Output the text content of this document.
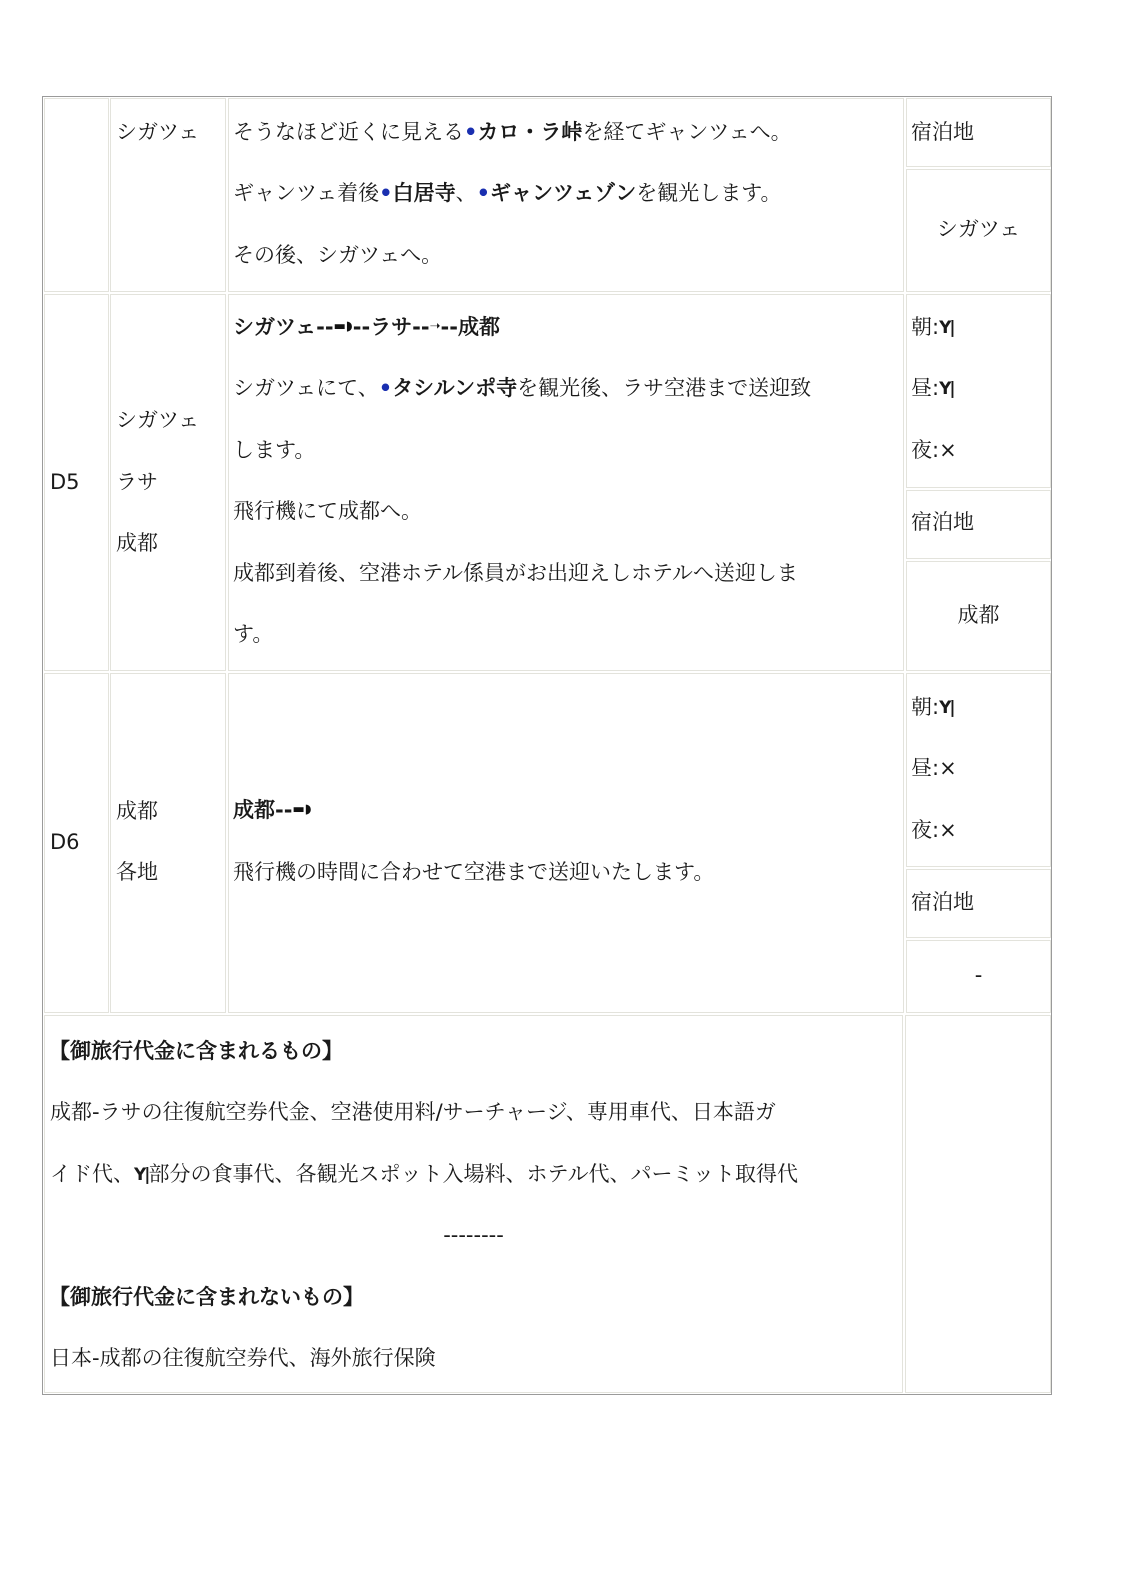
シガツェ そうなほど近くに見える•カロ・ラ峠を経てギャンツェへ。
ギャンツェ着後•白居寺、•ギャンツェゾンを観光します。
その後、シガツェへ。
宿泊地
シガツェ
D5
シガツェ
ラサ
成都
シガツェ--▬◗--ラサ--➝--成都
シガツェにて、•タシルンポ寺を観光後、ラサ空港まで送迎致
します。
飛行機にて成都へ。
成都到着後、空港ホテル係員がお出迎えしホテルへ送迎しま
す。
朝:Y|
昼:Y|
夜:×
宿泊地
成都
D6
成都
各地
成都--▬◗
飛行機の時間に合わせて空港まで送迎いたします。
朝:Y|
昼:×
夜:×
宿泊地
-
【御旅行代金に含まれるもの】
成都-ラサの往復航空券代金、空港使用料/サーチャージ、専用車代、日本語ガ
イド代、Y|部分の食事代、各観光スポット入場料、ホテル代、パーミット取得代
--------
【御旅行代金に含まれないもの】
日本-成都の往復航空券代、海外旅行保険
